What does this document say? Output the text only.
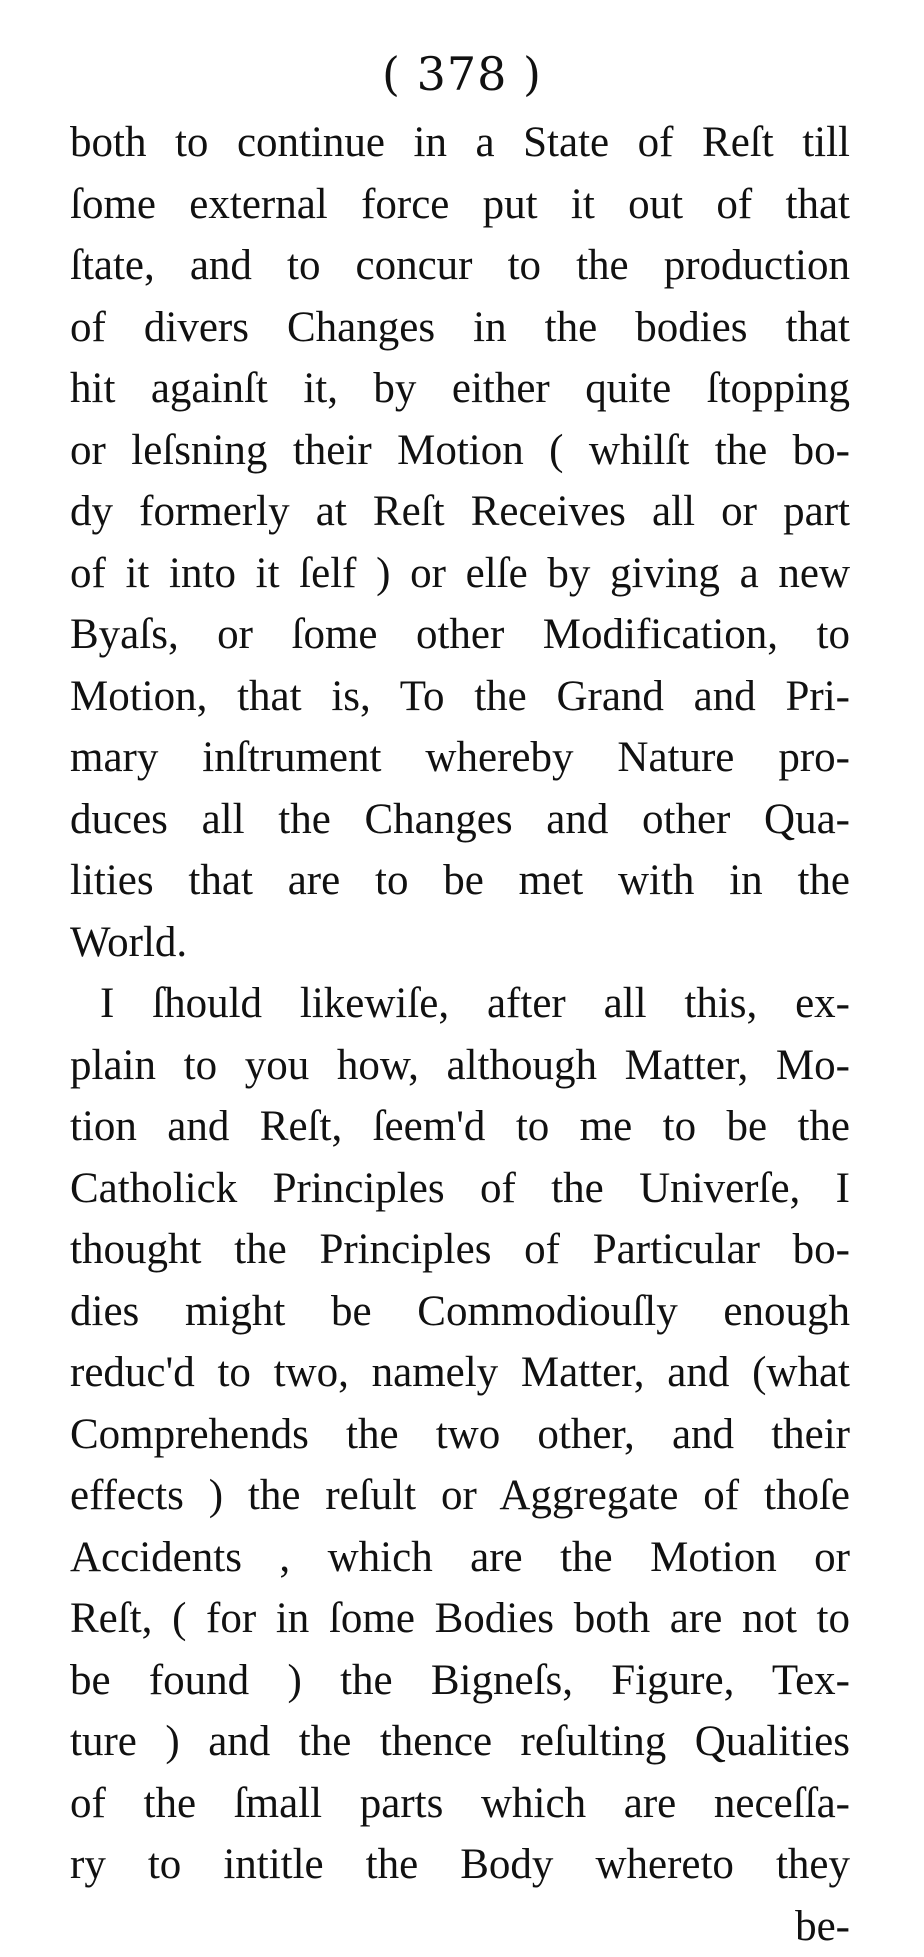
( 378 )
both to continue in a State of Reſt till
ſome external force put it out of that
ſtate, and to concur to the production
of divers Changes in the bodies that
hit againſt it, by either quite ſtopping
or leſsning their Motion ( whilſt the bo-
dy formerly at Reſt Receives all or part
of it into it ſelf ) or elſe by giving a new
Byaſs, or ſome other Modification, to
Motion, that is, To the Grand and Pri-
mary inſtrument whereby Nature pro-
duces all the Changes and other Qua-
lities that are to be met with in the
World.
I ſhould likewiſe, after all this, ex-
plain to you how, although Matter, Mo-
tion and Reſt, ſeem'd to me to be the
Catholick Principles of the Univerſe, I
thought the Principles of Particular bo-
dies might be Commodiouſly enough
reduc'd to two, namely Matter, and (what
Comprehends the two other, and their
effects ) the reſult or Aggregate of thoſe
Accidents , which are the Motion or
Reſt, ( for in ſome Bodies both are not to
be found ) the Bigneſs, Figure, Tex-
ture ) and the thence reſulting Qualities
of the ſmall parts which are neceſſa-
ry to intitle the Body whereto they
be-
